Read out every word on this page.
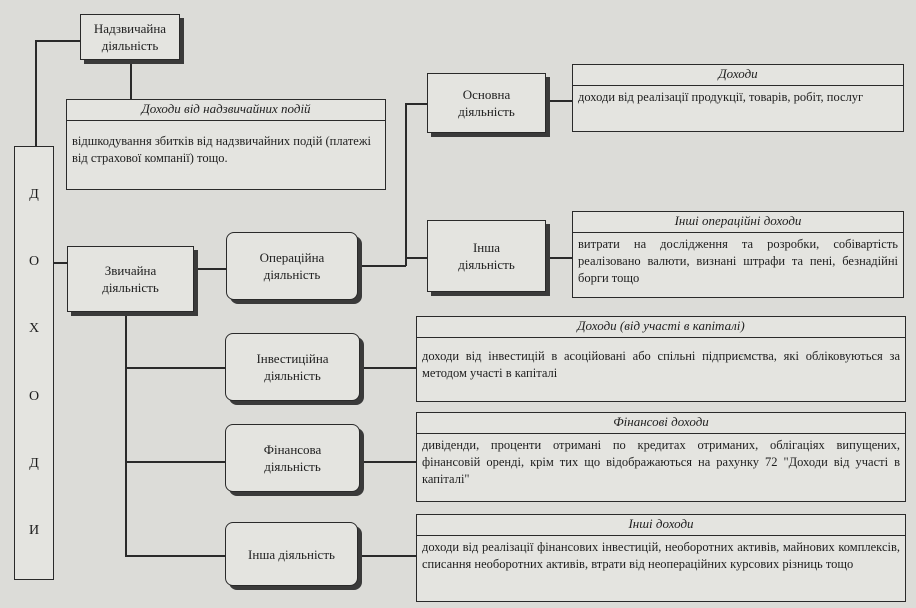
Д
О
Х
О
Д
И
Надзвичайна
діяльність
Доходи від надзвичайних подій
відшкодування збитків від надзвичайних подій (платежі від страхової компанії) тощо.
Звичайна
діяльність
Операційна
діяльність
Основна
діяльність
Доходи
доходи від реалізації продукції, товарів, робіт, послуг
Інша
діяльність
Інші операційні доходи
витрати на дослідження та розробки, собівартість реалізовано валюти, визнані штрафи та пені, безнадійні борги тощо
Інвестиційна
діяльність
Доходи (від участі в капіталі)
доходи від інвестицій в асоційовані або спільні підприємства, які обліковуються за методом участі в капіталі
Фінансова
діяльність
Фінансові доходи
дивіденди, проценти отримані по кредитах отриманих, облігаціях випущених, фінансовій оренді, крім тих що відображаються на рахунку 72 "Доходи від участі в капіталі"
Інша діяльність
Інші доходи
доходи від реалізації фінансових інвестицій, необоротних активів, майнових комплексів, списання необоротних активів, втрати від неопераційних курсових різниць тощо
